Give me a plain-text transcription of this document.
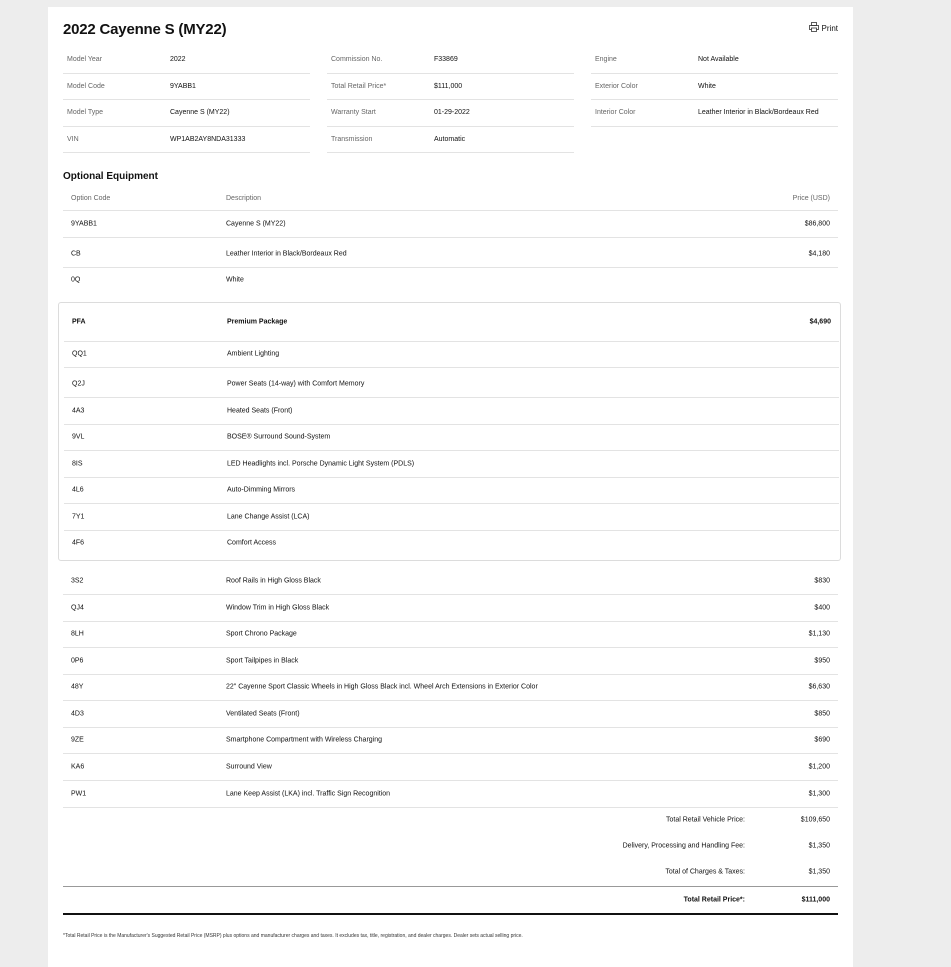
2022 Cayenne S (MY22)	Print
Model Year	2022
Model Code	9YABB1
Model Type	Cayenne S (MY22)
VIN	WP1AB2AY8NDA31333
Commission No.	F33869
Total Retail Price*	$111,000
Warranty Start	01-29-2022
Transmission	Automatic
Engine	Not Available
Exterior Color	White
Interior Color	Leather Interior in Black/Bordeaux Red
Optional Equipment
Option Code	Description	Price (USD)
9YABB1	Cayenne S (MY22)	$86,800
CB	Leather Interior in Black/Bordeaux Red	$4,180
0Q	White
PFA	Premium Package	$4,690
QQ1	Ambient Lighting
Q2J	Power Seats (14-way) with Comfort Memory
4A3	Heated Seats (Front)
9VL	BOSE® Surround Sound-System
8IS	LED Headlights incl. Porsche Dynamic Light System (PDLS)
4L6	Auto-Dimming Mirrors
7Y1	Lane Change Assist (LCA)
4F6	Comfort Access
3S2	Roof Rails in High Gloss Black	$830
QJ4	Window Trim in High Gloss Black	$400
8LH	Sport Chrono Package	$1,130
0P6	Sport Tailpipes in Black	$950
48Y	22" Cayenne Sport Classic Wheels in High Gloss Black incl. Wheel Arch Extensions in Exterior Color	$6,630
4D3	Ventilated Seats (Front)	$850
9ZE	Smartphone Compartment with Wireless Charging	$690
KA6	Surround View	$1,200
PW1	Lane Keep Assist (LKA) incl. Traffic Sign Recognition	$1,300
Total Retail Vehicle Price:	$109,650
Delivery, Processing and Handling Fee:	$1,350
Total of Charges & Taxes:	$1,350
Total Retail Price*:	$111,000
*Total Retail Price is the Manufacturer's Suggested Retail Price (MSRP) plus options and manufacturer charges and taxes. It excludes tax, title, registration, and dealer charges. Dealer sets actual selling price.
